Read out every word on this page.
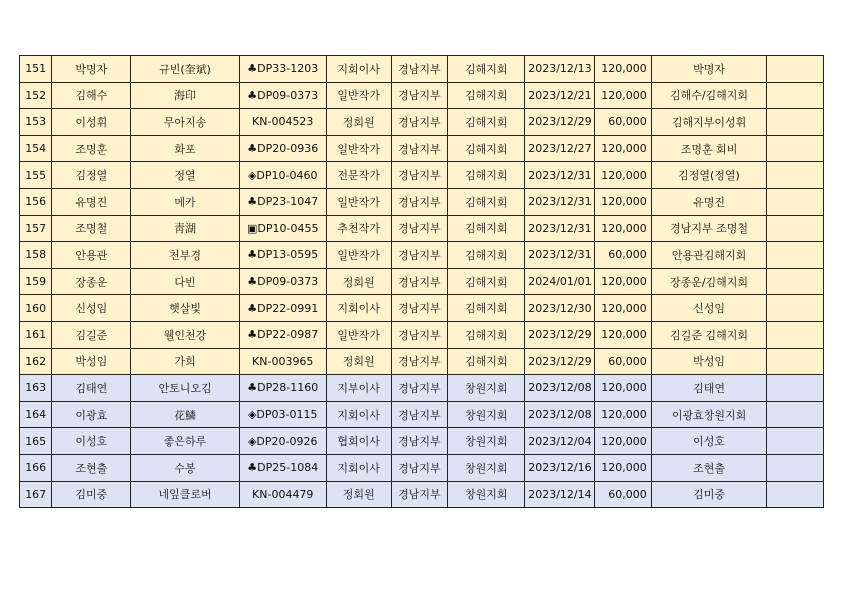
151	박명자	규빈(奎斌)	♣DP33-1203	지회이사	경남지부	김해지회	2023/12/13	120,000	박명자	
152	김해수	海印	♣DP09-0373	일반작가	경남지부	김해지회	2023/12/21	120,000	김해수/김해지회	
153	이성휘	무아지송	KN-004523	정회원	경남지부	김해지회	2023/12/29	60,000	김해지부이성휘	
154	조명훈	화포	♣DP20-0936	일반작가	경남지부	김해지회	2023/12/27	120,000	조명훈 회비	
155	김정열	정열	◈DP10-0460	전문작가	경남지부	김해지회	2023/12/31	120,000	김정열(정열)	
156	유명진	메카	♣DP23-1047	일반작가	경남지부	김해지회	2023/12/31	120,000	유명진	
157	조명철	靑湖	▣DP10-0455	추천작가	경남지부	김해지회	2023/12/31	120,000	경남지부 조명철	
158	안용관	천부경	♣DP13-0595	일반작가	경남지부	김해지회	2023/12/31	60,000	안용관김해지회	
159	장종운	다빈	♣DP09-0373	정회원	경남지부	김해지회	2024/01/01	120,000	장종운/김해지회	
160	신성임	햇살빛	♣DP22-0991	지회이사	경남지부	김해지회	2023/12/30	120,000	신성임	
161	김길준	웰인천강	♣DP22-0987	일반작가	경남지부	김해지회	2023/12/29	120,000	김길준 김해지회	
162	박성임	가희	KN-003965	정회원	경남지부	김해지회	2023/12/29	60,000	박성임	
163	김태연	안토니오김	♣DP28-1160	지부이사	경남지부	창원지회	2023/12/08	120,000	김태연	
164	이광효	花鱗	◈DP03-0115	지회이사	경남지부	창원지회	2023/12/08	120,000	이광효창원지회	
165	이성호	좋은하루	◈DP20-0926	협회이사	경남지부	창원지회	2023/12/04	120,000	이성호	
166	조현출	수봉	♣DP25-1084	지회이사	경남지부	창원지회	2023/12/16	120,000	조현출	
167	김미중	네잎클로버	KN-004479	정회원	경남지부	창원지회	2023/12/14	60,000	김미중	
